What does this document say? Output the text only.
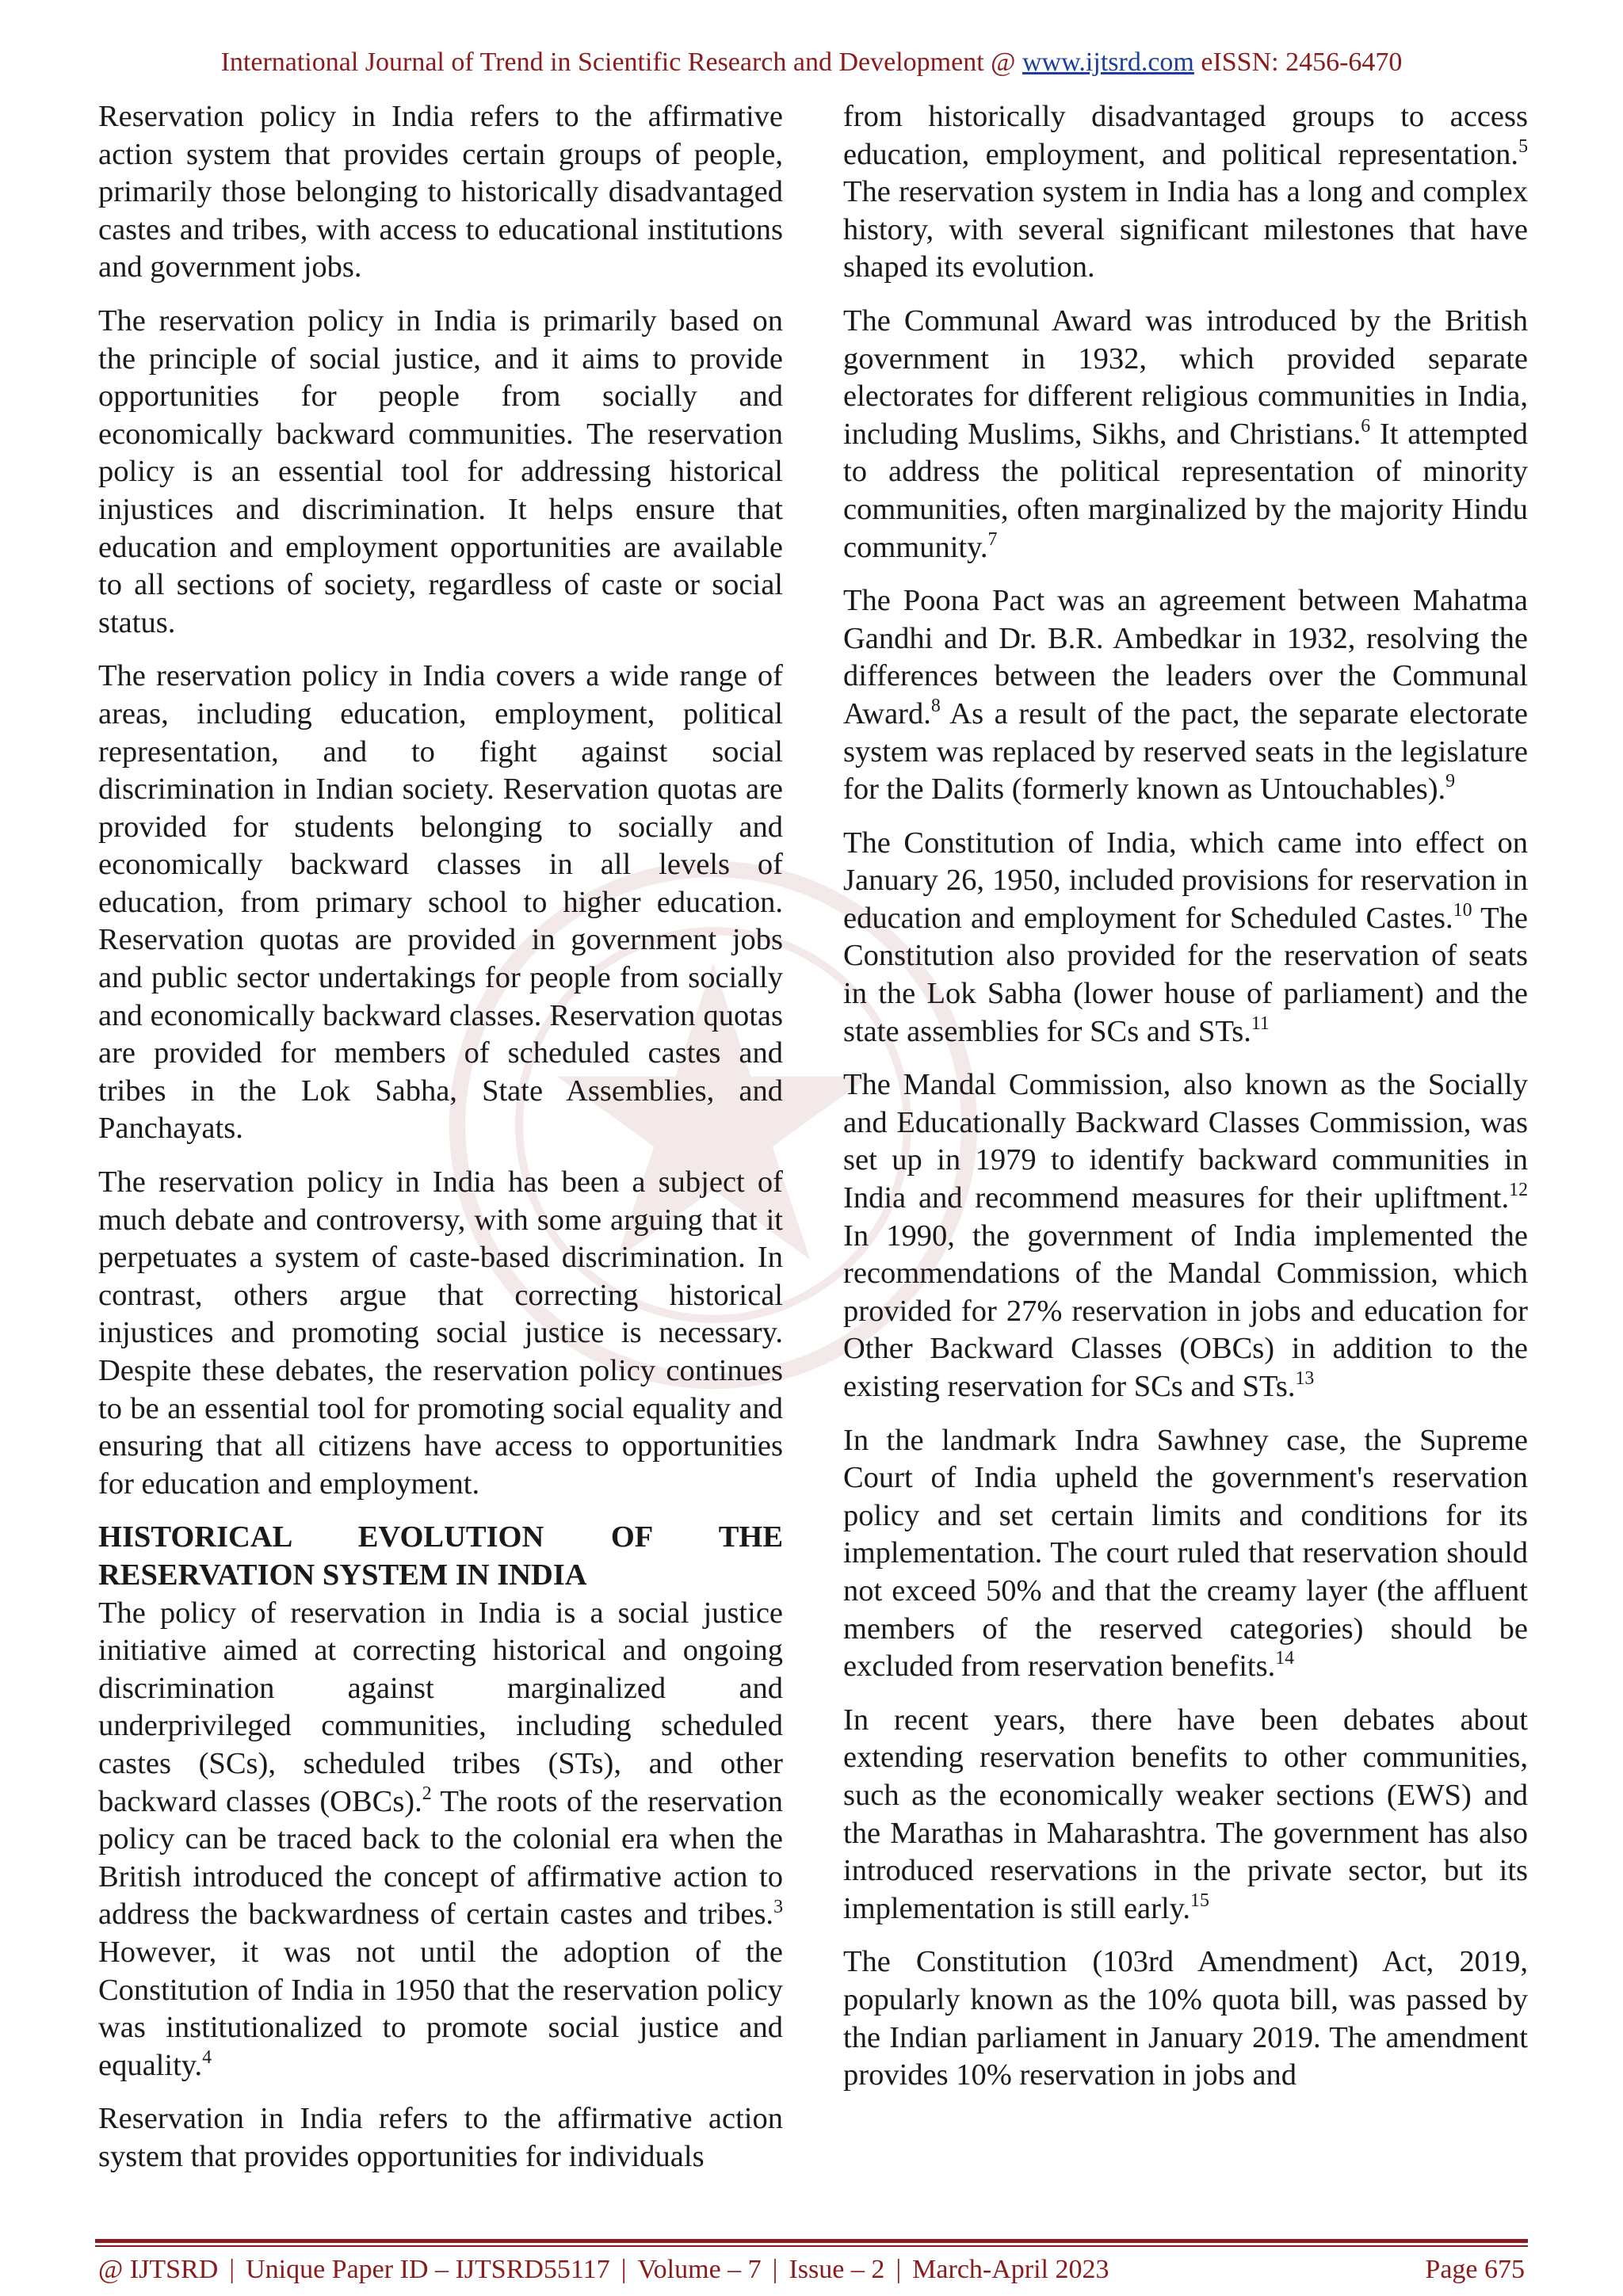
International Journal of Trend in Scientific Research and Development @ www.ijtsrd.com eISSN: 2456-6470

Reservation policy in India refers to the affirmative action system that provides certain groups of people, primarily those belonging to historically disadvantaged castes and tribes, with access to educational institutions and government jobs.

The reservation policy in India is primarily based on the principle of social justice, and it aims to provide opportunities for people from socially and economically backward communities. The reservation policy is an essential tool for addressing historical injustices and discrimination. It helps ensure that education and employment opportunities are available to all sections of society, regardless of caste or social status.

The reservation policy in India covers a wide range of areas, including education, employment, political representation, and to fight against social discrimination in Indian society. Reservation quotas are provided for students belonging to socially and economically backward classes in all levels of education, from primary school to higher education. Reservation quotas are provided in government jobs and public sector undertakings for people from socially and economically backward classes. Reservation quotas are provided for members of scheduled castes and tribes in the Lok Sabha, State Assemblies, and Panchayats.

The reservation policy in India has been a subject of much debate and controversy, with some arguing that it perpetuates a system of caste-based discrimination. In contrast, others argue that correcting historical injustices and promoting social justice is necessary. Despite these debates, the reservation policy continues to be an essential tool for promoting social equality and ensuring that all citizens have access to opportunities for education and employment.

HISTORICAL EVOLUTION OF THE RESERVATION SYSTEM IN INDIA

The policy of reservation in India is a social justice initiative aimed at correcting historical and ongoing discrimination against marginalized and underprivileged communities, including scheduled castes (SCs), scheduled tribes (STs), and other backward classes (OBCs).$^2$ The roots of the reservation policy can be traced back to the colonial era when the British introduced the concept of affirmative action to address the backwardness of certain castes and tribes.$^3$ However, it was not until the adoption of the Constitution of India in 1950 that the reservation policy was institutionalized to promote social justice and equality.$^4$

Reservation in India refers to the affirmative action system that provides opportunities for individuals

from historically disadvantaged groups to access education, employment, and political representation.$^5$ The reservation system in India has a long and complex history, with several significant milestones that have shaped its evolution.

The Communal Award was introduced by the British government in 1932, which provided separate electorates for different religious communities in India, including Muslims, Sikhs, and Christians.$^6$ It attempted to address the political representation of minority communities, often marginalized by the majority Hindu community.$^7$

The Poona Pact was an agreement between Mahatma Gandhi and Dr. B.R. Ambedkar in 1932, resolving the differences between the leaders over the Communal Award.$^8$ As a result of the pact, the separate electorate system was replaced by reserved seats in the legislature for the Dalits (formerly known as Untouchables).$^9$

The Constitution of India, which came into effect on January 26, 1950, included provisions for reservation in education and employment for Scheduled Castes.$^{10}$ The Constitution also provided for the reservation of seats in the Lok Sabha (lower house of parliament) and the state assemblies for SCs and STs.$^{11}$

The Mandal Commission, also known as the Socially and Educationally Backward Classes Commission, was set up in 1979 to identify backward communities in India and recommend measures for their upliftment.$^{12}$ In 1990, the government of India implemented the recommendations of the Mandal Commission, which provided for 27% reservation in jobs and education for Other Backward Classes (OBCs) in addition to the existing reservation for SCs and STs.$^{13}$

In the landmark Indra Sawhney case, the Supreme Court of India upheld the government's reservation policy and set certain limits and conditions for its implementation. The court ruled that reservation should not exceed 50% and that the creamy layer (the affluent members of the reserved categories) should be excluded from reservation benefits.$^{14}$

In recent years, there have been debates about extending reservation benefits to other communities, such as the economically weaker sections (EWS) and the Marathas in Maharashtra. The government has also introduced reservations in the private sector, but its implementation is still early.$^{15}$

The Constitution (103rd Amendment) Act, 2019, popularly known as the 10% quota bill, was passed by the Indian parliament in January 2019. The amendment provides 10% reservation in jobs and

@ IJTSRD | Unique Paper ID – IJTSRD55117 | Volume – 7 | Issue – 2 | March-April 2023	Page 675
